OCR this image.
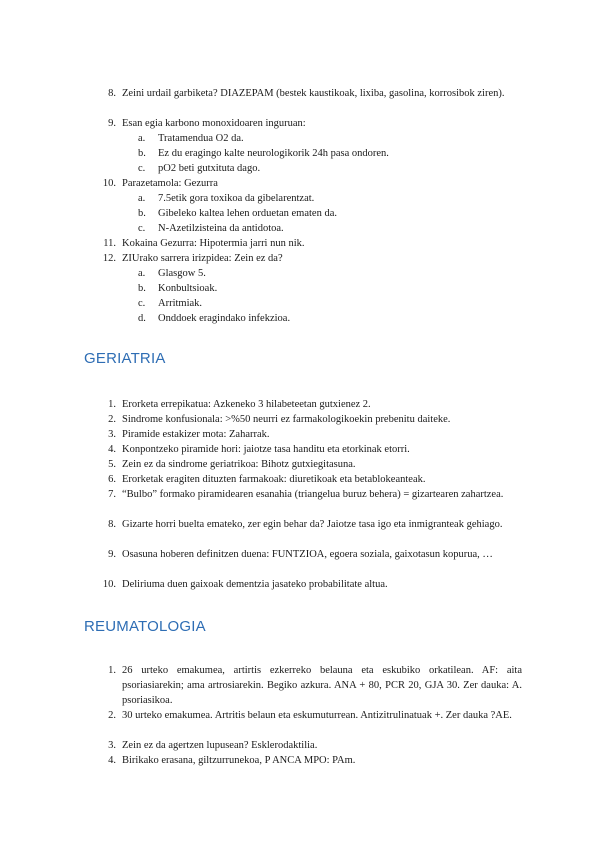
8. Zeini urdail garbiketa? DIAZEPAM (bestek kaustikoak, lixiba, gasolina, korrosibok ziren).
9. Esan egia karbono monoxidoaren inguruan:
a. Tratamendua O2 da.
b. Ez du eragingo kalte neurologikorik 24h pasa ondoren.
c. pO2 beti gutxituta dago.
10. Parazetamola: Gezurra
a. 7.5etik gora toxikoa da gibelarentzat.
b. Gibeleko kaltea lehen orduetan ematen da.
c. N-Azetilzisteina da antidotoa.
11. Kokaina Gezurra: Hipotermia jarri nun nik.
12. ZIUrako sarrera irizpidea: Zein ez da?
a. Glasgow 5.
b. Konbultsioak.
c. Arritmiak.
d. Onddoek eragindako infekzioa.
GERIATRIA
1. Erorketa errepikatua: Azkeneko 3 hilabeteetan gutxienez 2.
2. Sindrome konfusionala: >%50 neurri ez farmakologikoekin prebenitu daiteke.
3. Piramide estakizer mota: Zaharrak.
4. Konpontzeko piramide hori: jaiotze tasa handitu eta etorkinak etorri.
5. Zein ez da sindrome geriatrikoa: Bihotz gutxiegitasuna.
6. Erorketak eragiten dituzten farmakoak: diuretikoak eta betablokeanteak.
7. “Bulbo” formako piramidearen esanahia (triangelua buruz behera) = gizartearen zahartzea.
8. Gizarte horri buelta emateko, zer egin behar da? Jaiotze tasa igo eta inmigranteak gehiago.
9. Osasuna hoberen definitzen duena: FUNTZIOA, egoera soziala, gaixotasun kopurua, …
10. Deliriuma duen gaixoak dementzia jasateko probabilitate altua.
REUMATOLOGIA
1. 26 urteko emakumea, artirtis ezkerreko belauna eta eskubiko orkatilean. AF: aita psoriasiarekin; ama artrosiarekin. Begiko azkura. ANA + 80, PCR 20, GJA 30. Zer dauka: A. psoriasikoa.
2. 30 urteko emakumea. Artritis belaun eta eskumuturrean. Antizitrulinatuak +. Zer dauka ?AE.
3. Zein ez da agertzen lupusean? Esklerodaktilia.
4. Birikako erasana, giltzurrunekoa, P ANCA MPO: PAm.
